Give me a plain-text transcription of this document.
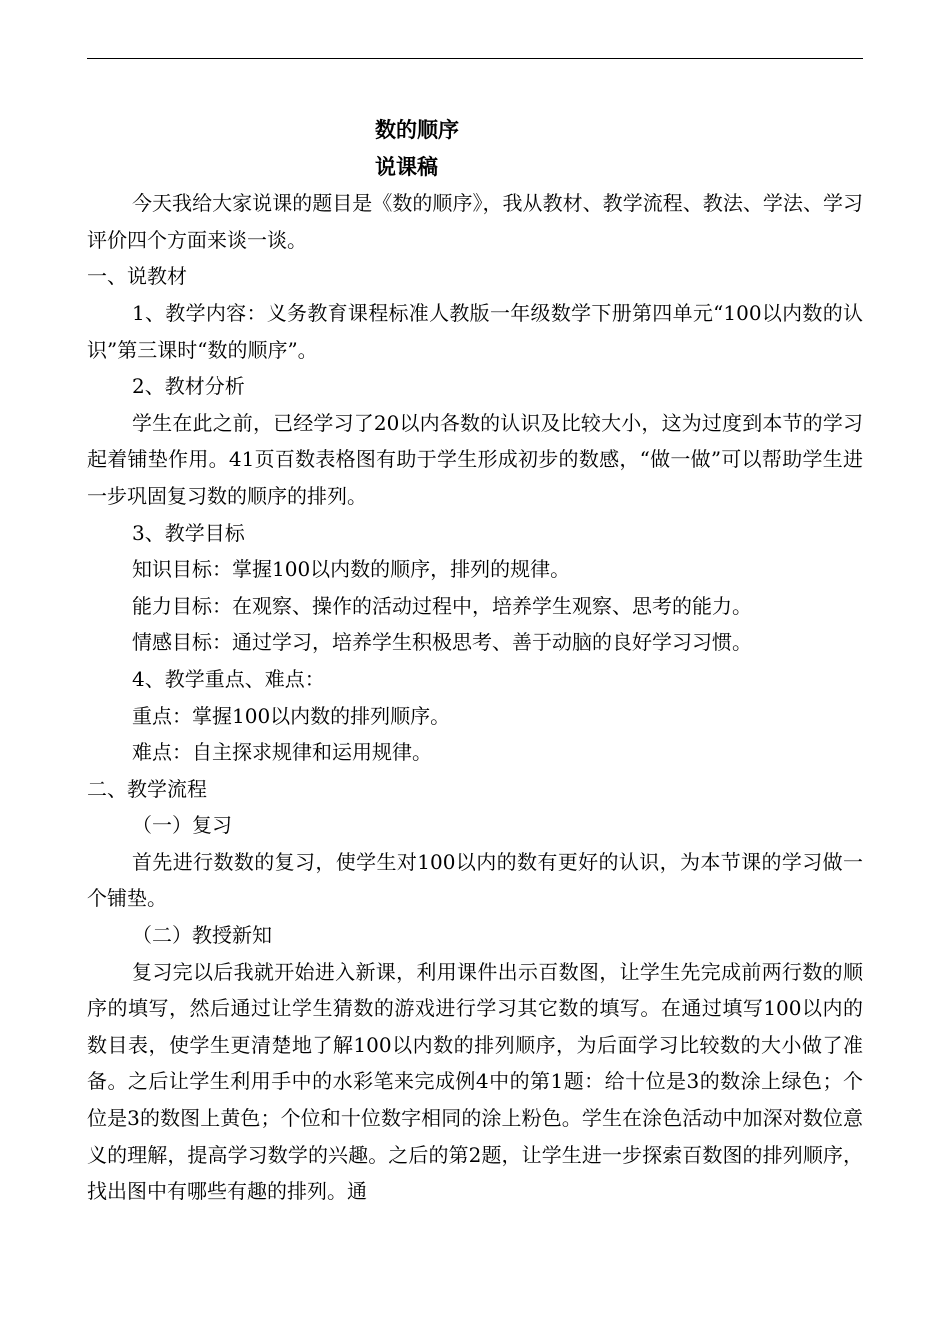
数的顺序
说课稿

今天我给大家说课的题目是《数的顺序》，我从教材、教学流程、教法、学法、学习评价四个方面来谈一谈。

一、说教材

1、教学内容：义务教育课程标准人教版一年级数学下册第四单元“100以内数的认识”第三课时“数的顺序”。

2、教材分析

学生在此之前，已经学习了20以内各数的认识及比较大小，这为过度到本节的学习起着铺垫作用。41页百数表格图有助于学生形成初步的数感，“做一做”可以帮助学生进一步巩固复习数的顺序的排列。

3、教学目标

知识目标：掌握100以内数的顺序，排列的规律。

能力目标：在观察、操作的活动过程中，培养学生观察、思考的能力。

情感目标：通过学习，培养学生积极思考、善于动脑的良好学习习惯。

4、教学重点、难点：

重点：掌握100以内数的排列顺序。

难点：自主探求规律和运用规律。

二、教学流程

（一）复习

首先进行数数的复习，使学生对100以内的数有更好的认识，为本节课的学习做一个铺垫。

（二）教授新知

复习完以后我就开始进入新课，利用课件出示百数图，让学生先完成前两行数的顺序的填写，然后通过让学生猜数的游戏进行学习其它数的填写。在通过填写100以内的数目表，使学生更清楚地了解100以内数的排列顺序，为后面学习比较数的大小做了准备。之后让学生利用手中的水彩笔来完成例4中的第1题：给十位是3的数涂上绿色；个位是3的数图上黄色；个位和十位数字相同的涂上粉色。学生在涂色活动中加深对数位意义的理解，提高学习数学的兴趣。之后的第2题，让学生进一步探索百数图的排列顺序，找出图中有哪些有趣的排列。通
